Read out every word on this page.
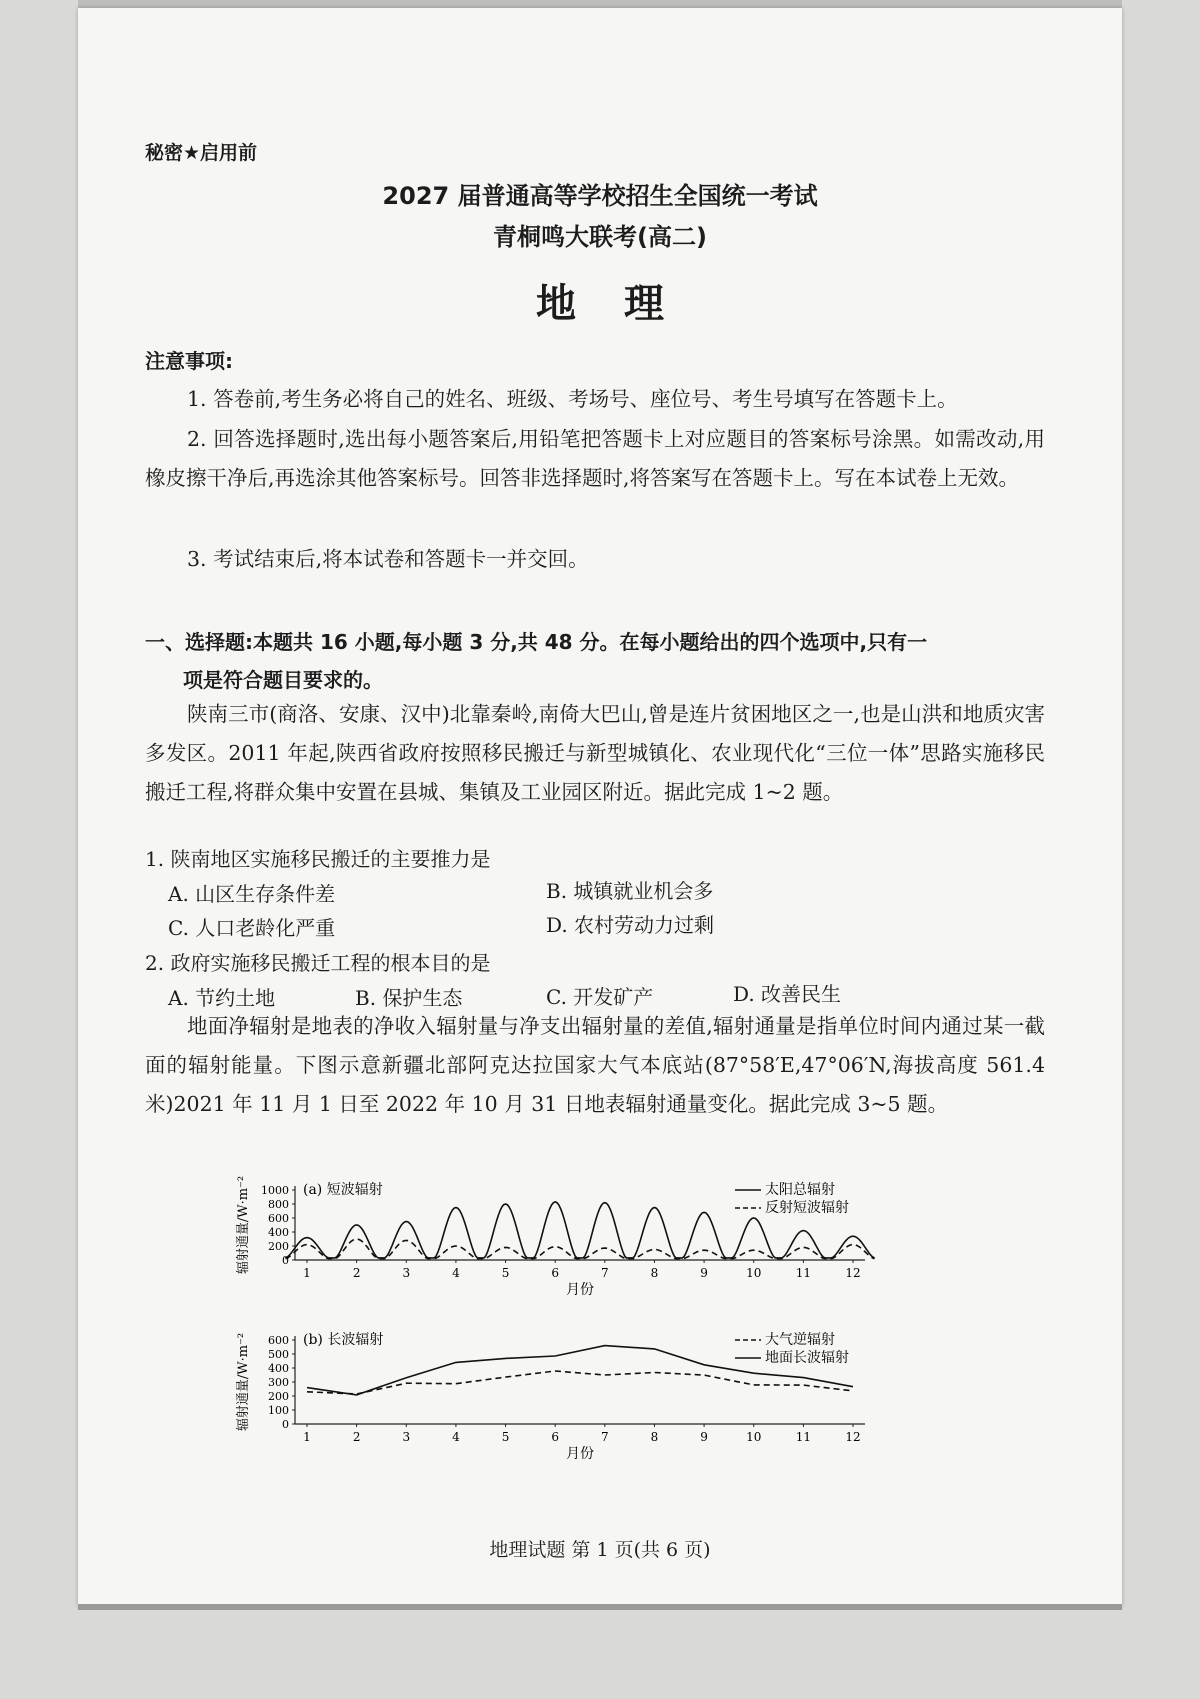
秘密★启用前
2027 届普通高等学校招生全国统一考试
青桐鸣大联考(高二)
地理
注意事项:
1. 答卷前,考生务必将自己的姓名、班级、考场号、座位号、考生号填写在答题卡上。
2. 回答选择题时,选出每小题答案后,用铅笔把答题卡上对应题目的答案标号涂黑。如需改动,用橡皮擦干净后,再选涂其他答案标号。回答非选择题时,将答案写在答题卡上。写在本试卷上无效。
3. 考试结束后,将本试卷和答题卡一并交回。
一、选择题:本题共 16 小题,每小题 3 分,共 48 分。在每小题给出的四个选项中,只有一
项是符合题目要求的。
陕南三市(商洛、安康、汉中)北靠秦岭,南倚大巴山,曾是连片贫困地区之一,也是山洪和地质灾害多发区。2011 年起,陕西省政府按照移民搬迁与新型城镇化、农业现代化“三位一体”思路实施移民搬迁工程,将群众集中安置在县城、集镇及工业园区附近。据此完成 1~2 题。
1. 陕南地区实施移民搬迁的主要推力是
A. 山区生存条件差	B. 城镇就业机会多
C. 人口老龄化严重	D. 农村劳动力过剩
2. 政府实施移民搬迁工程的根本目的是
A. 节约土地	B. 保护生态	C. 开发矿产	D. 改善民生
地面净辐射是地表的净收入辐射量与净支出辐射量的差值,辐射通量是指单位时间内通过某一截面的辐射能量。下图示意新疆北部阿克达拉国家大气本底站(87°58′E,47°06′N,海拔高度 561.4 米)2021 年 11 月 1 日至 2022 年 10 月 31 日地表辐射通量变化。据此完成 3~5 题。
0
200
400
600
800
1000
1	2	3	4	5	6	7	8	9	10	11	12
月份
辐射通量/W·m⁻²	(a) 短波辐射	太阳总辐射
反射短波辐射
0
100
200
300
400
500
600
1	2	3	4	5	6	7	8	9	10	11	12
月份
辐射通量/W·m⁻²	(b) 长波辐射	大气逆辐射
地面长波辐射
地理试题 第 1 页(共 6 页)
